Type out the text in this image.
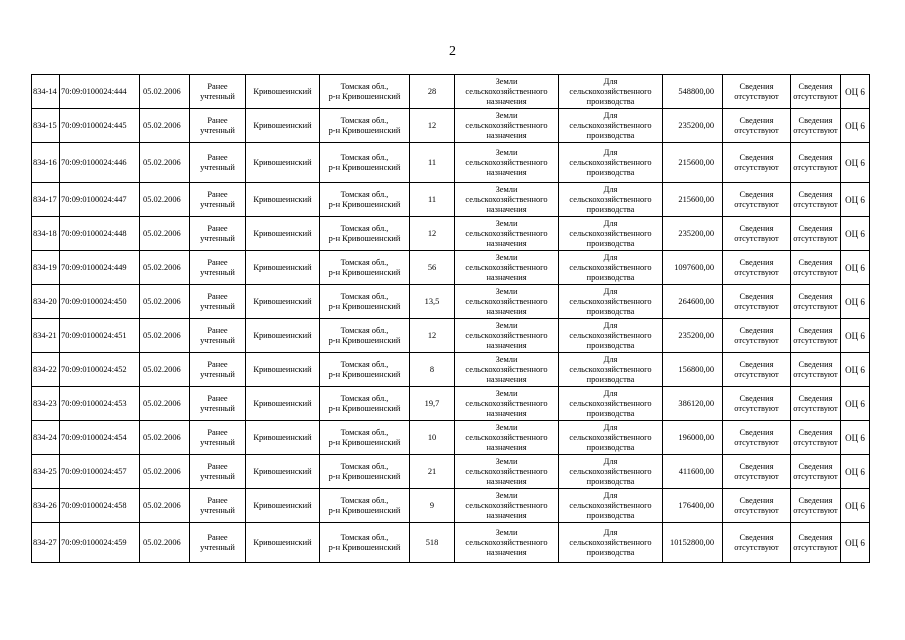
2
834-14	70:09:0100024:444	05.02.2006	Ранее
учтенный	Кривошеинский	Томская обл.,
р-н Кривошеинский	28	Земли
сельскохозяйственного
назначения	Для
сельскохозяйственного
производства	548800,00	Сведения
отсутствуют	Сведения
отсутствуют	ОЦ 6
834-15	70:09:0100024:445	05.02.2006	Ранее
учтенный	Кривошеинский	Томская обл.,
р-н Кривошеинский	12	Земли
сельскохозяйственного
назначения	Для
сельскохозяйственного
производства	235200,00	Сведения
отсутствуют	Сведения
отсутствуют	ОЦ 6
834-16	70:09:0100024:446	05.02.2006	Ранее
учтенный	Кривошеинский	Томская обл.,
р-н Кривошеинский	11	Земли
сельскохозяйственного
назначения	Для
сельскохозяйственного
производства	215600,00	Сведения
отсутствуют	Сведения
отсутствуют	ОЦ 6
834-17	70:09:0100024:447	05.02.2006	Ранее
учтенный	Кривошеинский	Томская обл.,
р-н Кривошеинский	11	Земли
сельскохозяйственного
назначения	Для
сельскохозяйственного
производства	215600,00	Сведения
отсутствуют	Сведения
отсутствуют	ОЦ 6
834-18	70:09:0100024:448	05.02.2006	Ранее
учтенный	Кривошеинский	Томская обл.,
р-н Кривошеинский	12	Земли
сельскохозяйственного
назначения	Для
сельскохозяйственного
производства	235200,00	Сведения
отсутствуют	Сведения
отсутствуют	ОЦ 6
834-19	70:09:0100024:449	05.02.2006	Ранее
учтенный	Кривошеинский	Томская обл.,
р-н Кривошеинский	56	Земли
сельскохозяйственного
назначения	Для
сельскохозяйственного
производства	1097600,00	Сведения
отсутствуют	Сведения
отсутствуют	ОЦ 6
834-20	70:09:0100024:450	05.02.2006	Ранее
учтенный	Кривошеинский	Томская обл.,
р-н Кривошеинский	13,5	Земли
сельскохозяйственного
назначения	Для
сельскохозяйственного
производства	264600,00	Сведения
отсутствуют	Сведения
отсутствуют	ОЦ 6
834-21	70:09:0100024:451	05.02.2006	Ранее
учтенный	Кривошеинский	Томская обл.,
р-н Кривошеинский	12	Земли
сельскохозяйственного
назначения	Для
сельскохозяйственного
производства	235200,00	Сведения
отсутствуют	Сведения
отсутствуют	ОЦ 6
834-22	70:09:0100024:452	05.02.2006	Ранее
учтенный	Кривошеинский	Томская обл.,
р-н Кривошеинский	8	Земли
сельскохозяйственного
назначения	Для
сельскохозяйственного
производства	156800,00	Сведения
отсутствуют	Сведения
отсутствуют	ОЦ 6
834-23	70:09:0100024:453	05.02.2006	Ранее
учтенный	Кривошеинский	Томская обл.,
р-н Кривошеинский	19,7	Земли
сельскохозяйственного
назначения	Для
сельскохозяйственного
производства	386120,00	Сведения
отсутствуют	Сведения
отсутствуют	ОЦ 6
834-24	70:09:0100024:454	05.02.2006	Ранее
учтенный	Кривошеинский	Томская обл.,
р-н Кривошеинский	10	Земли
сельскохозяйственного
назначения	Для
сельскохозяйственного
производства	196000,00	Сведения
отсутствуют	Сведения
отсутствуют	ОЦ 6
834-25	70:09:0100024:457	05.02.2006	Ранее
учтенный	Кривошеинский	Томская обл.,
р-н Кривошеинский	21	Земли
сельскохозяйственного
назначения	Для
сельскохозяйственного
производства	411600,00	Сведения
отсутствуют	Сведения
отсутствуют	ОЦ 6
834-26	70:09:0100024:458	05.02.2006	Ранее
учтенный	Кривошеинский	Томская обл.,
р-н Кривошеинский	9	Земли
сельскохозяйственного
назначения	Для
сельскохозяйственного
производства	176400,00	Сведения
отсутствуют	Сведения
отсутствуют	ОЦ 6
834-27	70:09:0100024:459	05.02.2006	Ранее
учтенный	Кривошеинский	Томская обл.,
р-н Кривошеинский	518	Земли
сельскохозяйственного
назначения	Для
сельскохозяйственного
производства	10152800,00	Сведения
отсутствуют	Сведения
отсутствуют	ОЦ 6
